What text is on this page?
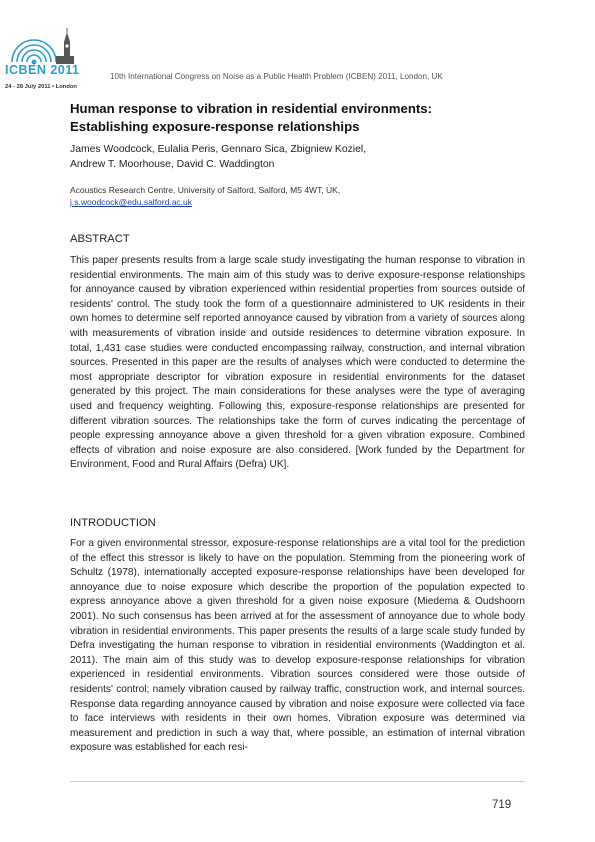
ICBEN 2011
24 - 28 July 2011 • London
10th International Congress on Noise as a Public Health Problem (ICBEN) 2011, London, UK
Human response to vibration in residential environments:
Establishing exposure-response relationships
James Woodcock, Eulalia Peris, Gennaro Sica, Zbigniew Koziel,
Andrew T. Moorhouse, David C. Waddington
Acoustics Research Centre, University of Salford, Salford, M5 4WT, UK,
j.s.woodcock@edu.salford.ac.uk
ABSTRACT

This paper presents results from a large scale study investigating the human response to vibration in residential environments. The main aim of this study was to derive exposure-response relationships for annoyance caused by vibration experienced within residential properties from sources outside of residents' control. The study took the form of a questionnaire administered to UK residents in their own homes to determine self reported annoyance caused by vibration from a variety of sources along with measurements of vibration inside and outside residences to determine vibration exposure. In total, 1,431 case studies were conducted encompassing railway, construction, and internal vibration sources. Presented in this paper are the results of analyses which were conducted to determine the most appropriate descriptor for vibration exposure in residential environments for the dataset generated by this project. The main considerations for these analyses were the type of averaging used and frequency weighting. Following this, exposure-response relationships are presented for different vibration sources. The relationships take the form of curves indicating the percentage of people expressing annoyance above a given threshold for a given vibration exposure. Combined effects of vibration and noise exposure are also considered. [Work funded by the Department for Environment, Food and Rural Affairs (Defra) UK].

INTRODUCTION

For a given environmental stressor, exposure-response relationships are a vital tool for the prediction of the effect this stressor is likely to have on the population. Stemming from the pioneering work of Schultz (1978), internationally accepted exposure-response relationships have been developed for annoyance due to noise exposure which describe the proportion of the population expected to express annoyance above a given threshold for a given noise exposure (Miedema & Oudshoorn 2001). No such consensus has been arrived at for the assessment of annoyance due to whole body vibration in residential environments. This paper presents the results of a large scale study funded by Defra investigating the human response to vibration in residential environments (Waddington et al. 2011). The main aim of this study was to develop exposure-response relationships for vibration experienced in residential environments. Vibration sources considered were those outside of residents' control; namely vibration caused by railway traffic, construction work, and internal sources. Response data regarding annoyance caused by vibration and noise exposure were collected via face to face interviews with residents in their own homes. Vibration exposure was determined via measurement and prediction in such a way that, where possible, an estimation of internal vibration exposure was established for each resi-

719
